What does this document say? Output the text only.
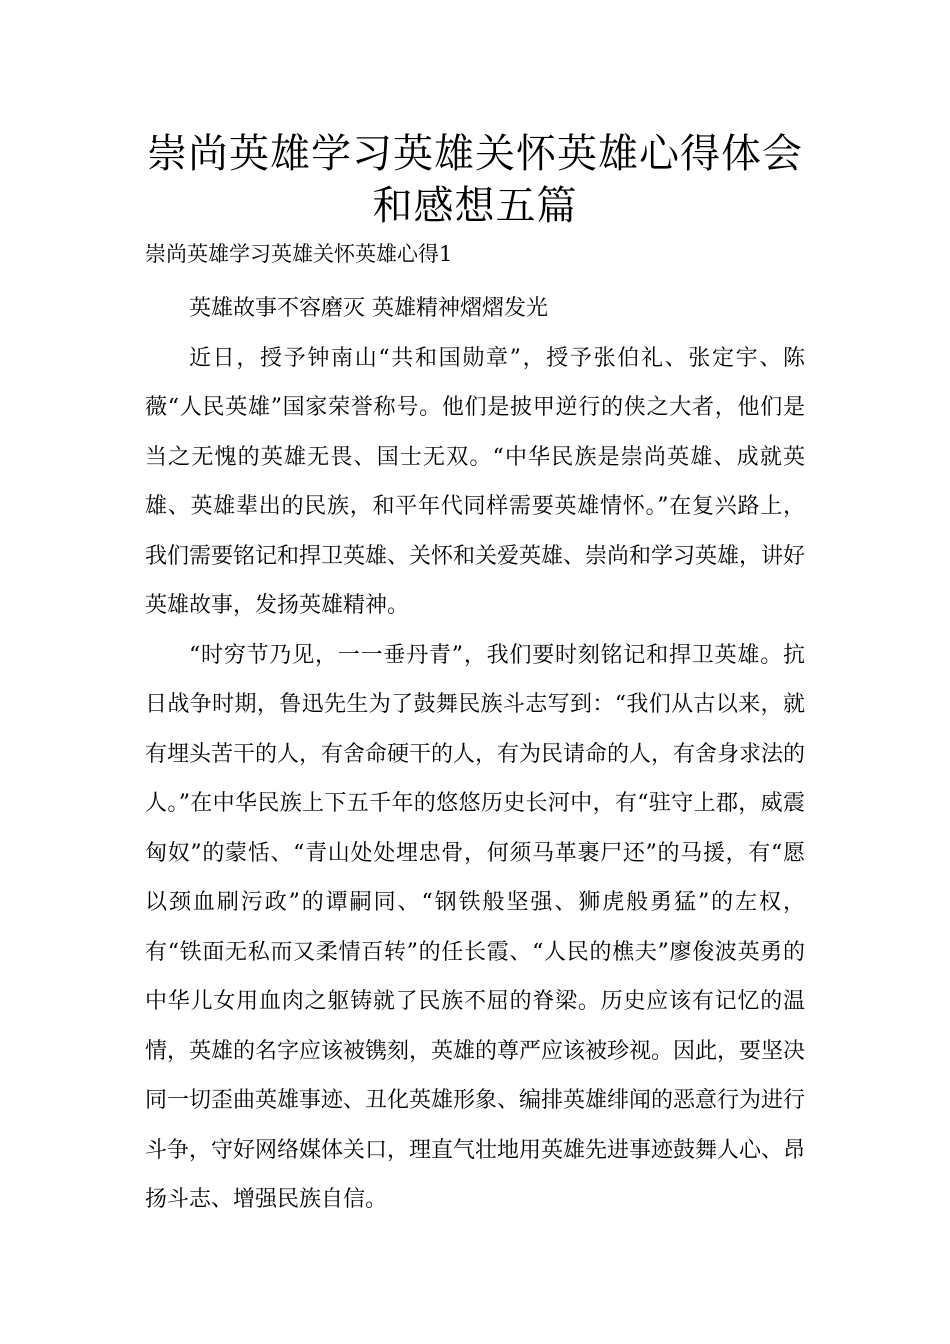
崇尚英雄学习英雄关怀英雄心得体会和感想五篇
崇尚英雄学习英雄关怀英雄心得1

英雄故事不容磨灭 英雄精神熠熠发光

近日，授予钟南山“共和国勋章”，授予张伯礼、张定宇、陈薇“人民英雄”国家荣誉称号。他们是披甲逆行的侠之大者，他们是当之无愧的英雄无畏、国士无双。“中华民族是崇尚英雄、成就英雄、英雄辈出的民族，和平年代同样需要英雄情怀。”在复兴路上，我们需要铭记和捍卫英雄、关怀和关爱英雄、崇尚和学习英雄，讲好英雄故事，发扬英雄精神。

“时穷节乃见，一一垂丹青”，我们要时刻铭记和捍卫英雄。抗日战争时期，鲁迅先生为了鼓舞民族斗志写到：“我们从古以来，就有埋头苦干的人，有舍命硬干的人，有为民请命的人，有舍身求法的人。”在中华民族上下五千年的悠悠历史长河中，有“驻守上郡，威震匈奴”的蒙恬、“青山处处埋忠骨，何须马革裹尸还”的马援，有“愿以颈血刷污政”的谭嗣同、“钢铁般坚强、狮虎般勇猛”的左权，有“铁面无私而又柔情百转”的任长霞、“人民的樵夫”廖俊波英勇的中华儿女用血肉之躯铸就了民族不屈的脊梁。历史应该有记忆的温情，英雄的名字应该被镌刻，英雄的尊严应该被珍视。因此，要坚决同一切歪曲英雄事迹、丑化英雄形象、编排英雄绯闻的恶意行为进行斗争，守好网络媒体关口，理直气壮地用英雄先进事迹鼓舞人心、昂扬斗志、增强民族自信。
